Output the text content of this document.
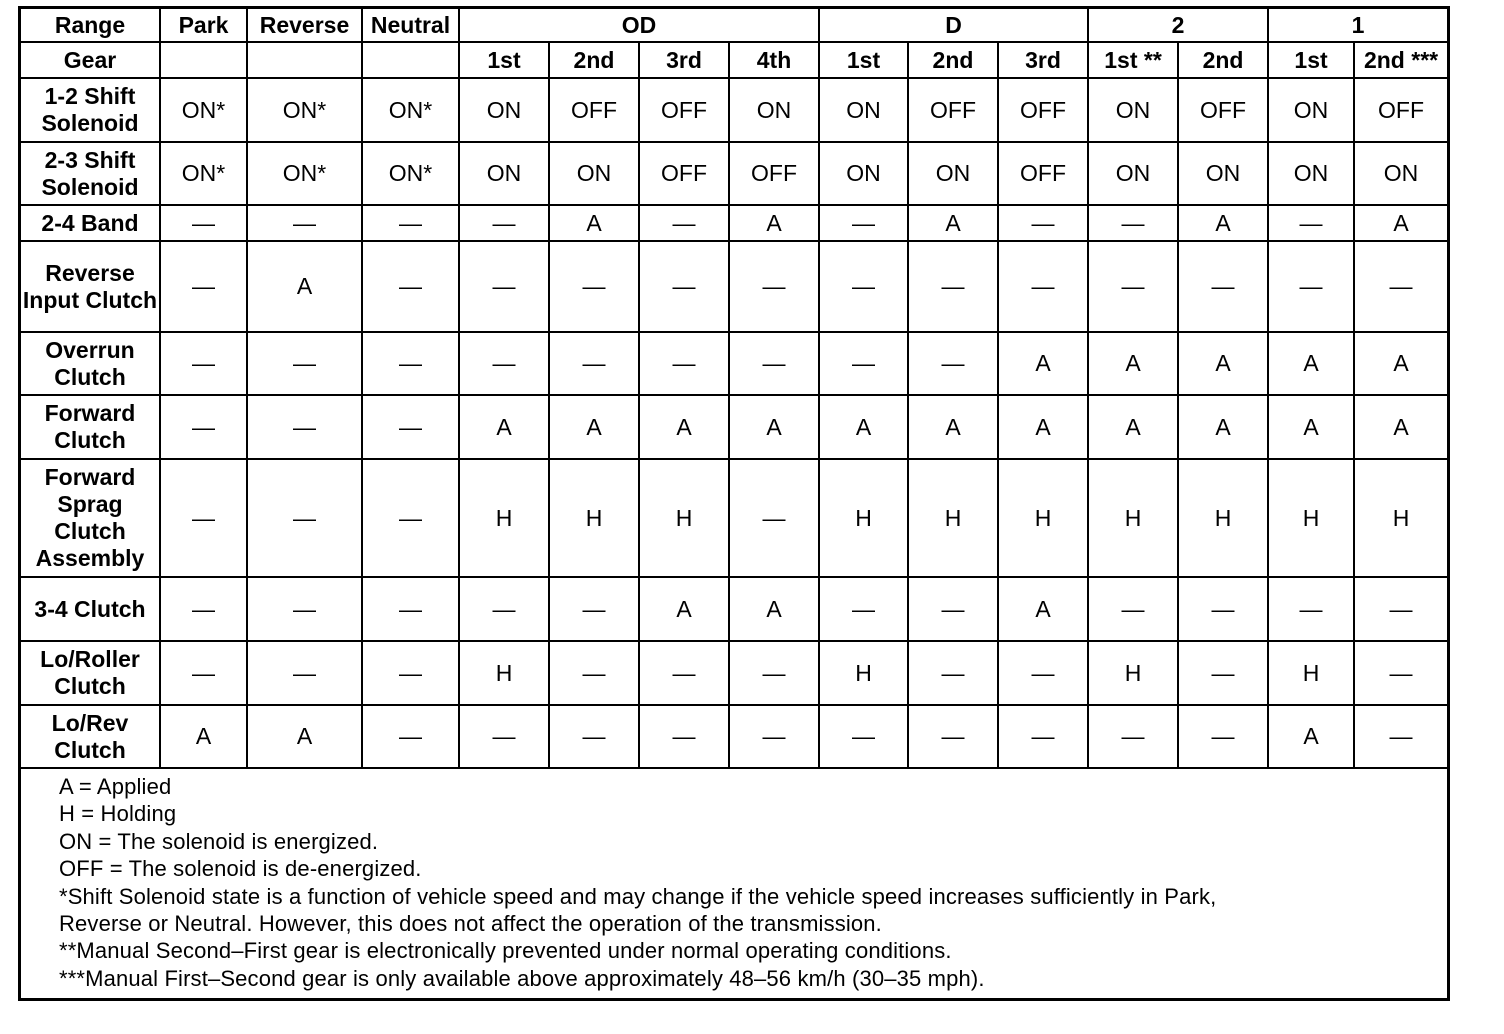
Range	Park	Reverse	Neutral	OD				D			2		1	
Gear				1st	2nd	3rd	4th	1st	2nd	3rd	1st **	2nd	1st	2nd ***
1-2 Shift Solenoid	ON*	ON*	ON*	ON	OFF	OFF	ON	ON	OFF	OFF	ON	OFF	ON	OFF
2-3 Shift Solenoid	ON*	ON*	ON*	ON	ON	OFF	OFF	ON	ON	OFF	ON	ON	ON	ON
2-4 Band	—	—	—	—	A	—	A	—	A	—	—	A	—	A
Reverse Input Clutch	—	A	—	—	—	—	—	—	—	—	—	—	—	—
Overrun Clutch	—	—	—	—	—	—	—	—	—	A	A	A	A	A
Forward Clutch	—	—	—	A	A	A	A	A	A	A	A	A	A	A
Forward Sprag Clutch Assembly	—	—	—	H	H	H	—	H	H	H	H	H	H	H
3-4 Clutch	—	—	—	—	—	A	A	—	—	A	—	—	—	—
Lo/Roller Clutch	—	—	—	H	—	—	—	H	—	—	H	—	H	—
Lo/Rev Clutch	A	A	—	—	—	—	—	—	—	—	—	—	A	—
A = Applied
H = Holding
ON = The solenoid is energized.
OFF = The solenoid is de-energized.
*Shift Solenoid state is a function of vehicle speed and may change if the vehicle speed increases sufficiently in Park,
Reverse or Neutral. However, this does not affect the operation of the transmission.
**Manual Second–First gear is electronically prevented under normal operating conditions.
***Manual First–Second gear is only available above approximately 48–56 km/h (30–35 mph).
